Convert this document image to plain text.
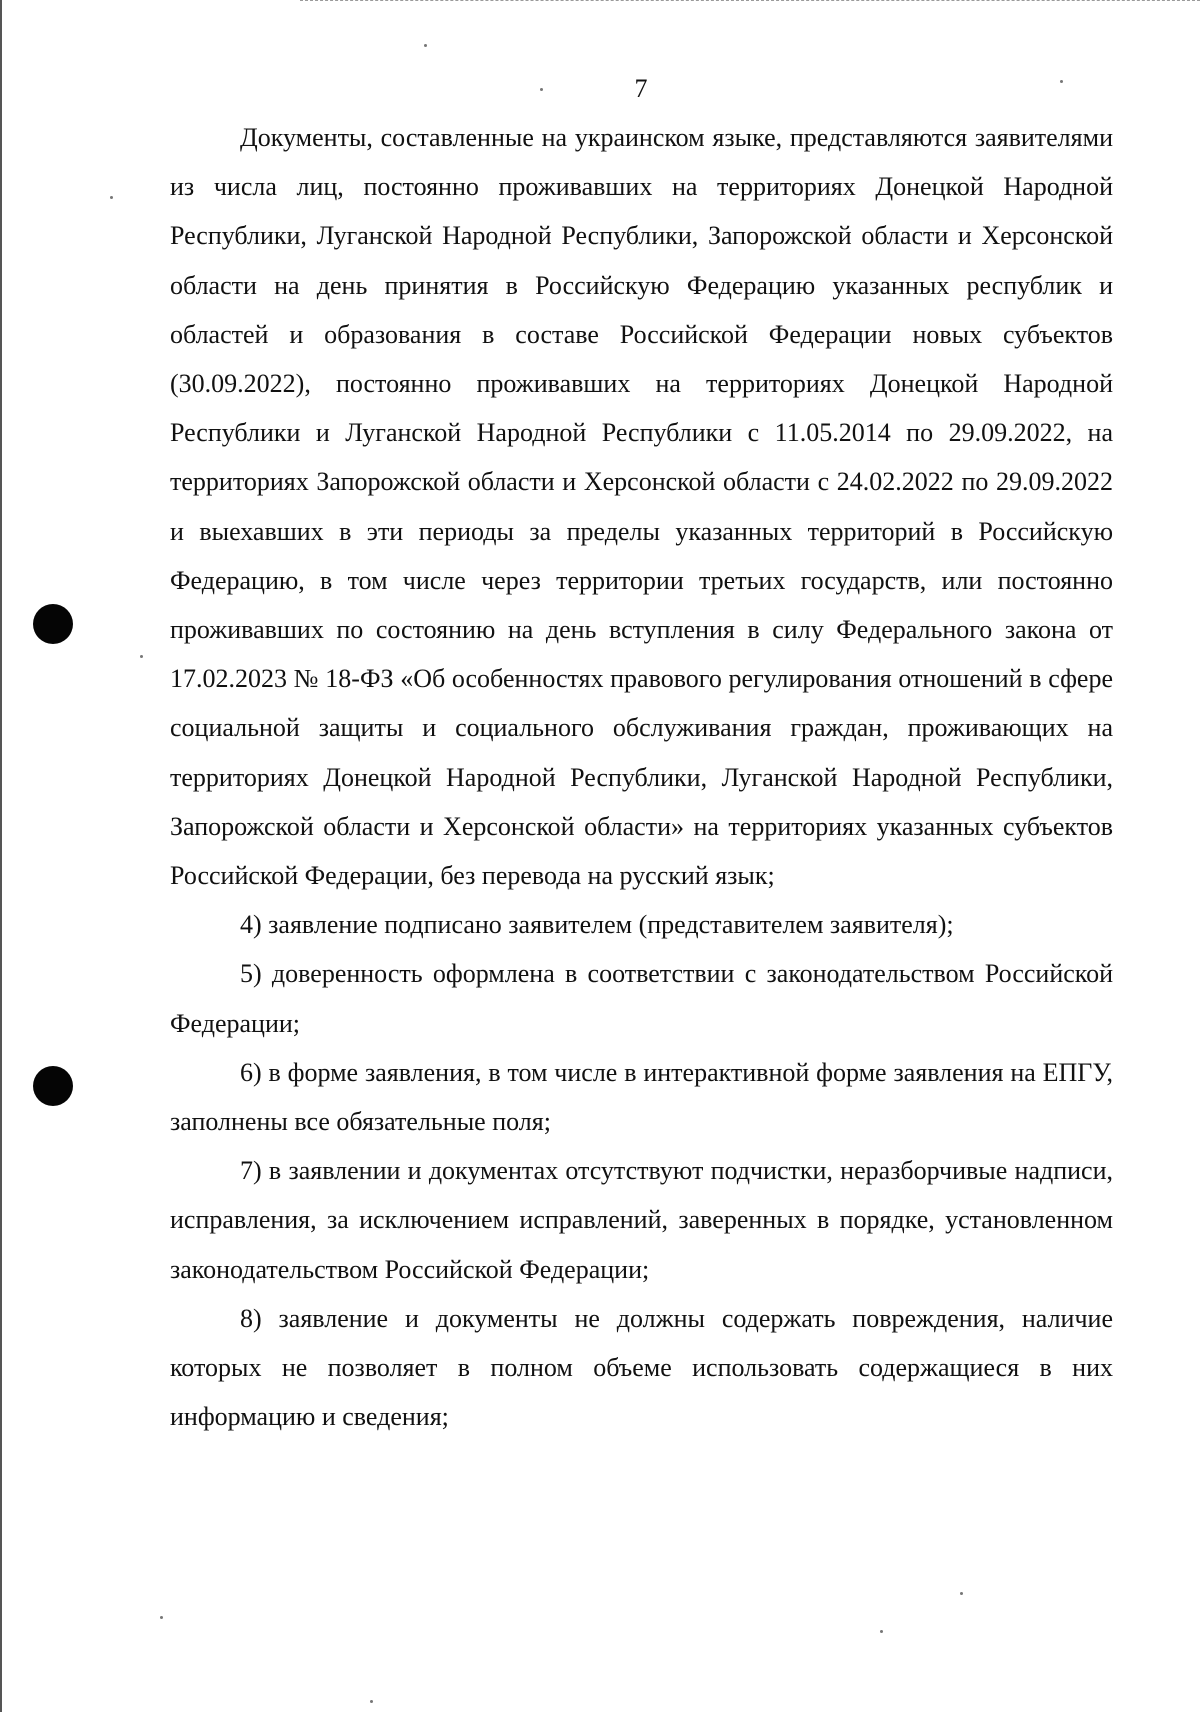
7

Документы, составленные на украинском языке, представляются заявителями из числа лиц, постоянно проживавших на территориях Донецкой Народной Республики, Луганской Народной Республики, Запорожской области и Херсонской области на день принятия в Российскую Федерацию указанных республик и областей и образования в составе Российской Федерации новых субъектов (30.09.2022), постоянно проживавших на территориях Донецкой Народной Республики и Луганской Народной Республики с 11.05.2014 по 29.09.2022, на территориях Запорожской области и Херсонской области с 24.02.2022 по 29.09.2022 и выехавших в эти периоды за пределы указанных территорий в Российскую Федерацию, в том числе через территории третьих государств, или постоянно проживавших по состоянию на день вступления в силу Федерального закона от 17.02.2023 № 18-ФЗ «Об особенностях правового регулирования отношений в сфере социальной защиты и социального обслуживания граждан, проживающих на территориях Донецкой Народной Республики, Луганской Народной Республики, Запорожской области и Херсонской области» на территориях указанных субъектов Российской Федерации, без перевода на русский язык;

4) заявление подписано заявителем (представителем заявителя);

5) доверенность оформлена в соответствии с законодательством Российской Федерации;

6) в форме заявления, в том числе в интерактивной форме заявления на ЕПГУ, заполнены все обязательные поля;

7) в заявлении и документах отсутствуют подчистки, неразборчивые надписи, исправления, за исключением исправлений, заверенных в порядке, установленном законодательством Российской Федерации;

8) заявление и документы не должны содержать повреждения, наличие которых не позволяет в полном объеме использовать содержащиеся в них информацию и сведения;
